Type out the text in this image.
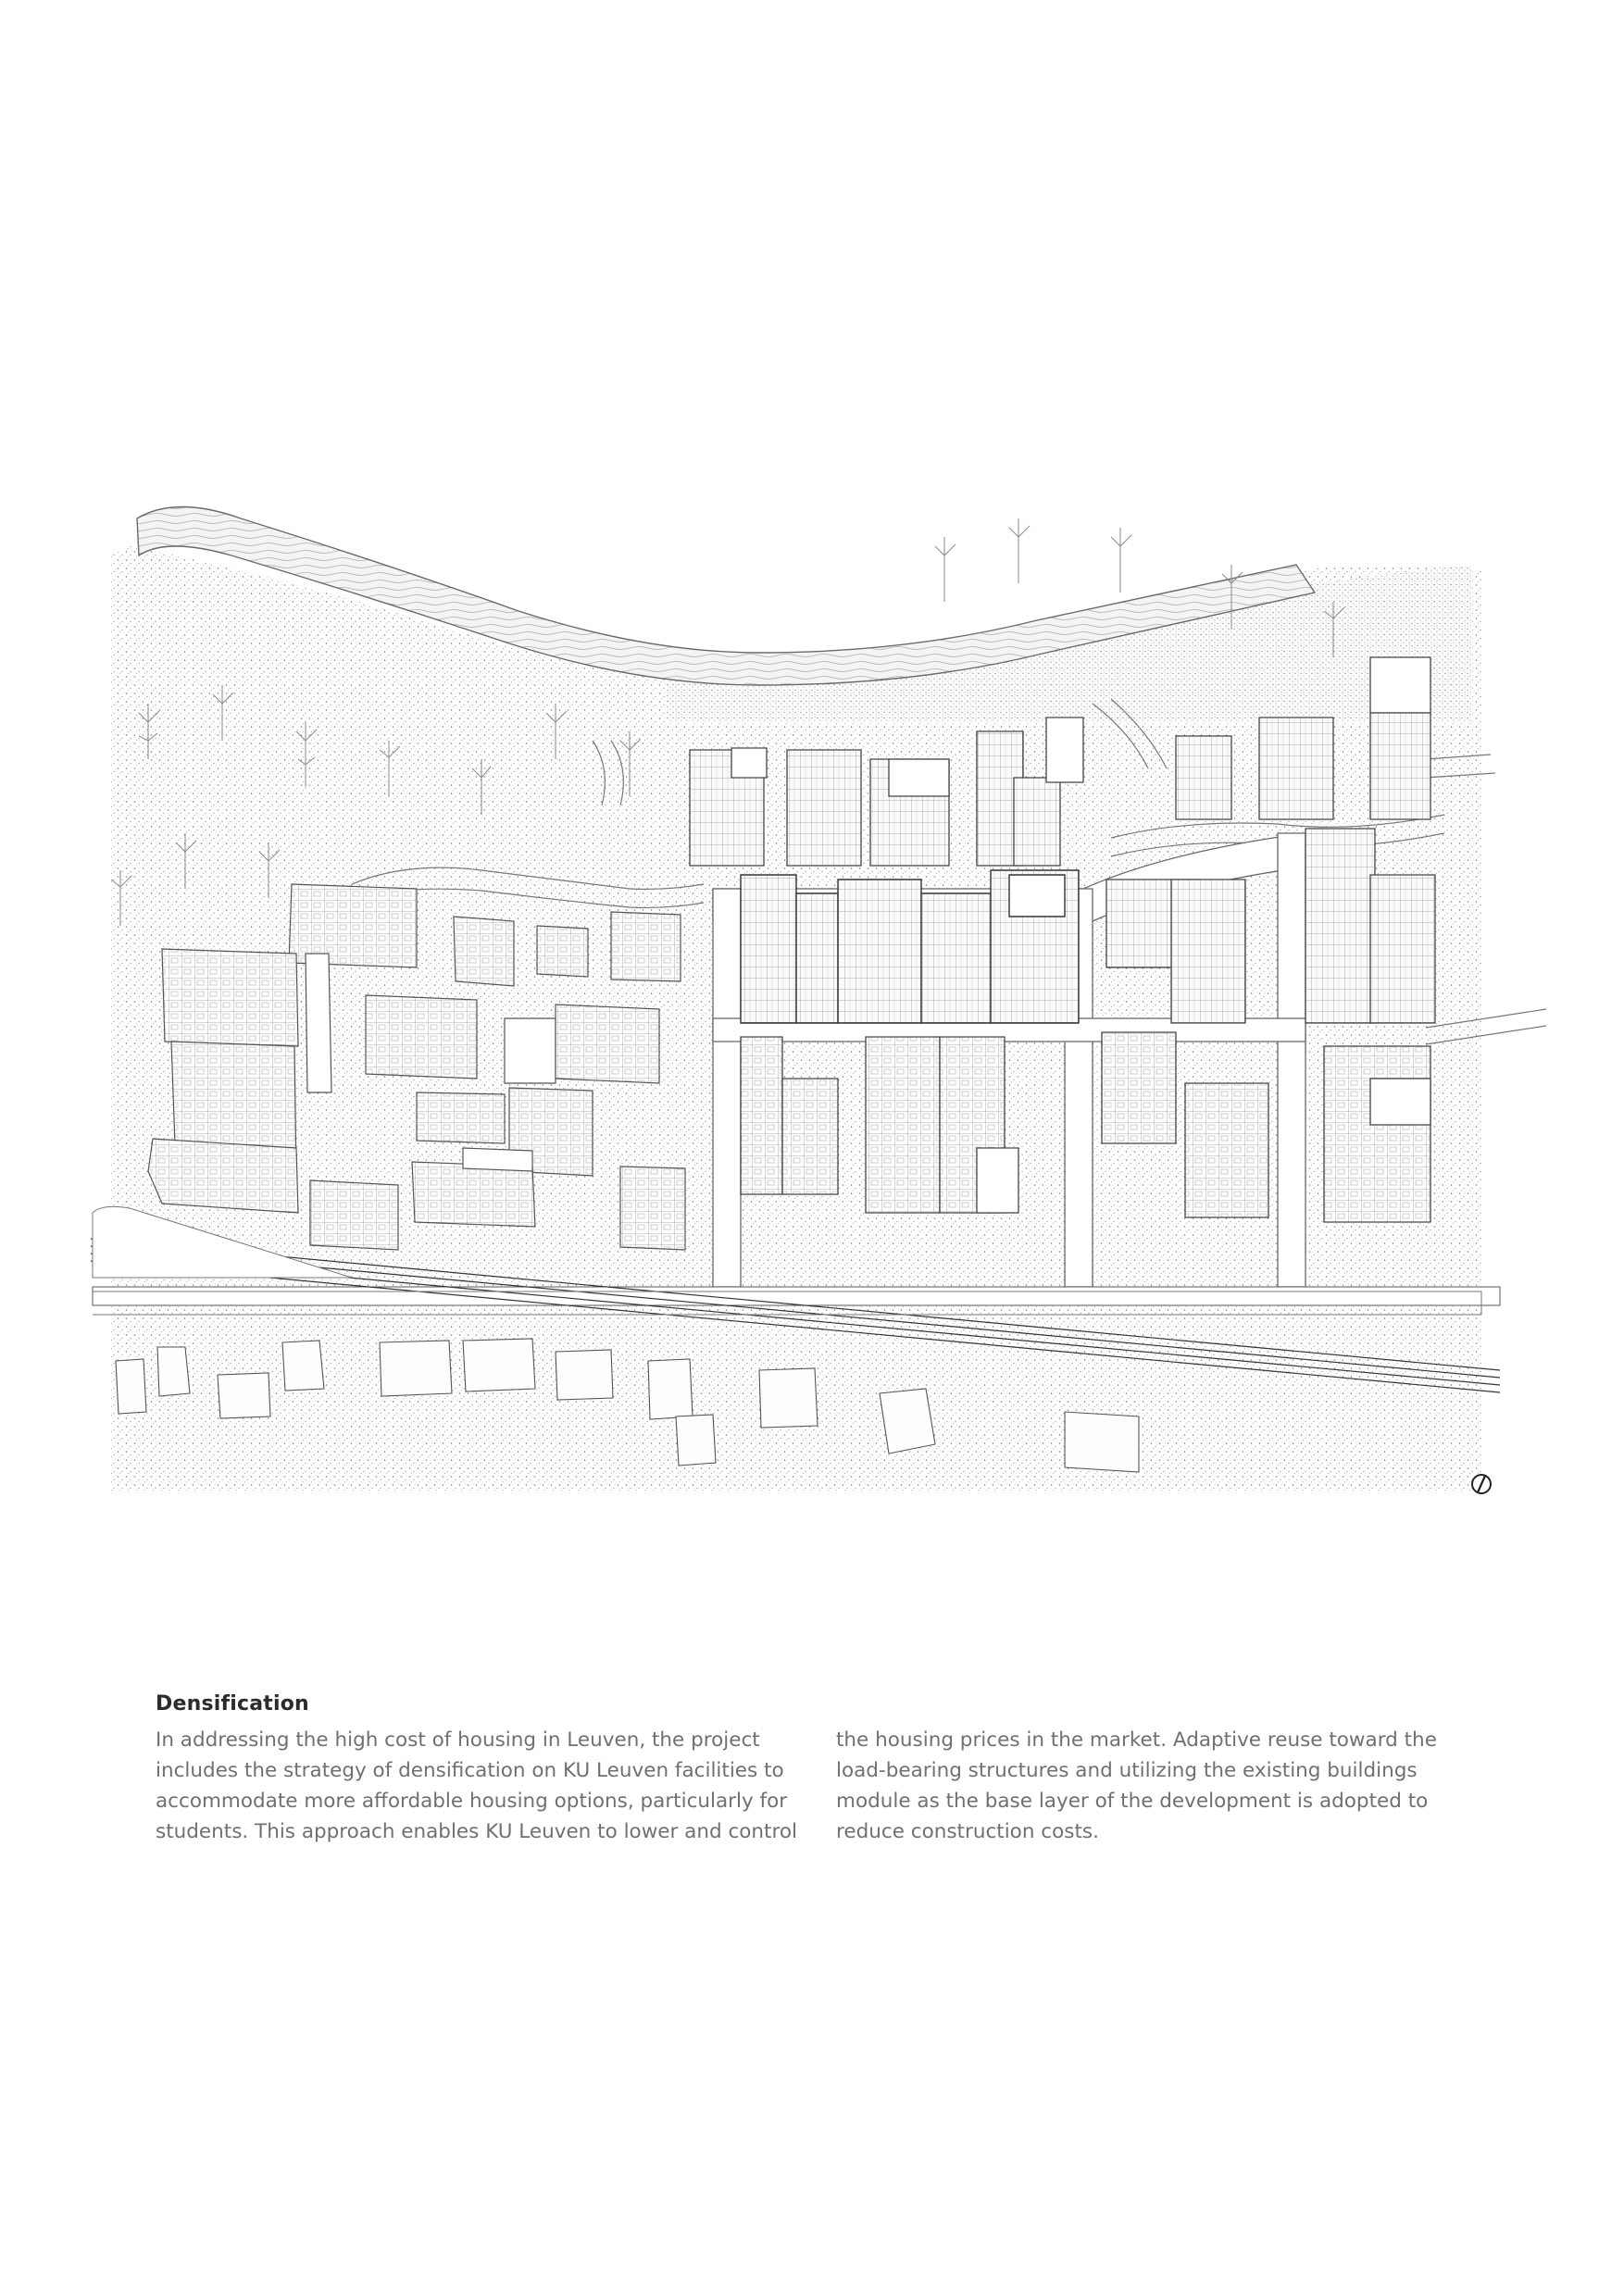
Densification

In addressing the high cost of housing in Leuven, the project

includes the strategy of densification on KU Leuven facilities to

accommodate more affordable housing options, particularly for

students. This approach enables KU Leuven to lower and control

the housing prices in the market. Adaptive reuse toward the

load-bearing structures and utilizing the existing buildings

module as the base layer of the development is adopted to

reduce construction costs.
